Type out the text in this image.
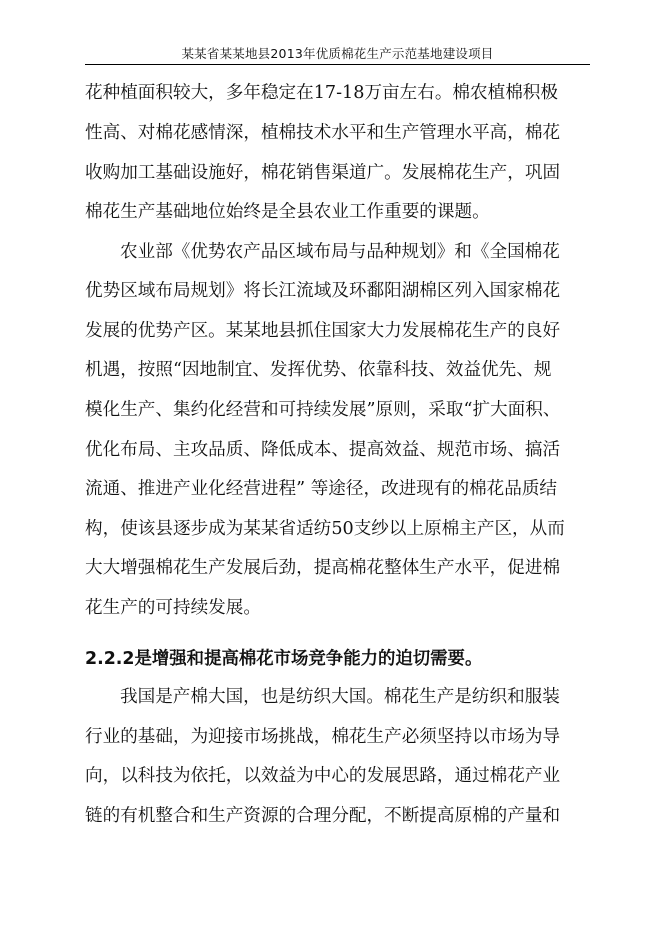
某某省某某地县2013年优质棉花生产示范基地建设项目
花种植面积较大，多年稳定在17-18万亩左右。棉农植棉积极
性高、对棉花感情深，植棉技术水平和生产管理水平高，棉花
收购加工基础设施好，棉花销售渠道广。发展棉花生产，巩固
棉花生产基础地位始终是全县农业工作重要的课题。
农业部《优势农产品区域布局与品种规划》和《全国棉花
优势区域布局规划》将长江流域及环鄱阳湖棉区列入国家棉花
发展的优势产区。某某地县抓住国家大力发展棉花生产的良好
机遇，按照“因地制宜、发挥优势、依靠科技、效益优先、规
模化生产、集约化经营和可持续发展”原则，采取“扩大面积、
优化布局、主攻品质、降低成本、提高效益、规范市场、搞活
流通、推进产业化经营进程” 等途径，改进现有的棉花品质结
构，使该县逐步成为某某省适纺50支纱以上原棉主产区，从而
大大增强棉花生产发展后劲，提高棉花整体生产水平，促进棉
花生产的可持续发展。
2.2.2是增强和提高棉花市场竞争能力的迫切需要。
我国是产棉大国，也是纺织大国。棉花生产是纺织和服装
行业的基础，为迎接市场挑战，棉花生产必须坚持以市场为导
向，以科技为依托，以效益为中心的发展思路，通过棉花产业
链的有机整合和生产资源的合理分配，不断提高原棉的产量和
